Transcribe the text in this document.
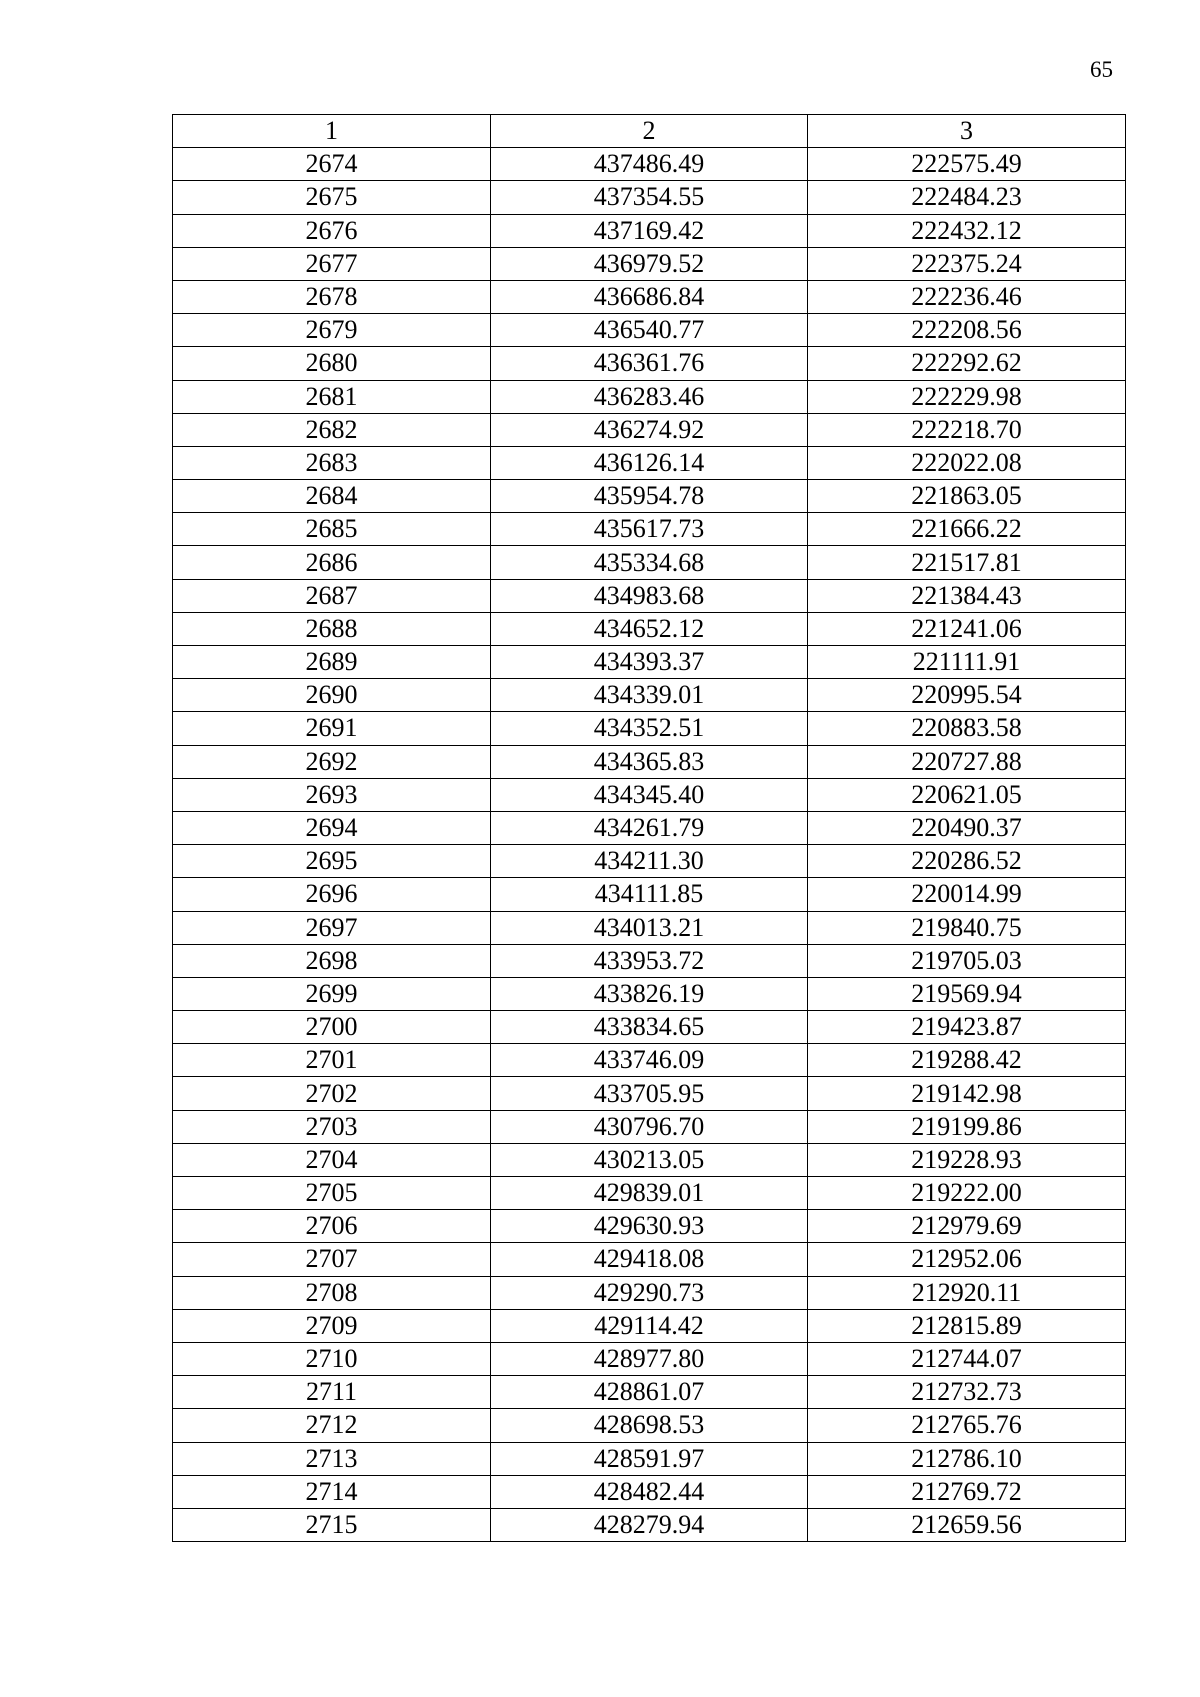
65
1	2	3
2674	437486.49	222575.49
2675	437354.55	222484.23
2676	437169.42	222432.12
2677	436979.52	222375.24
2678	436686.84	222236.46
2679	436540.77	222208.56
2680	436361.76	222292.62
2681	436283.46	222229.98
2682	436274.92	222218.70
2683	436126.14	222022.08
2684	435954.78	221863.05
2685	435617.73	221666.22
2686	435334.68	221517.81
2687	434983.68	221384.43
2688	434652.12	221241.06
2689	434393.37	221111.91
2690	434339.01	220995.54
2691	434352.51	220883.58
2692	434365.83	220727.88
2693	434345.40	220621.05
2694	434261.79	220490.37
2695	434211.30	220286.52
2696	434111.85	220014.99
2697	434013.21	219840.75
2698	433953.72	219705.03
2699	433826.19	219569.94
2700	433834.65	219423.87
2701	433746.09	219288.42
2702	433705.95	219142.98
2703	430796.70	219199.86
2704	430213.05	219228.93
2705	429839.01	219222.00
2706	429630.93	212979.69
2707	429418.08	212952.06
2708	429290.73	212920.11
2709	429114.42	212815.89
2710	428977.80	212744.07
2711	428861.07	212732.73
2712	428698.53	212765.76
2713	428591.97	212786.10
2714	428482.44	212769.72
2715	428279.94	212659.56
